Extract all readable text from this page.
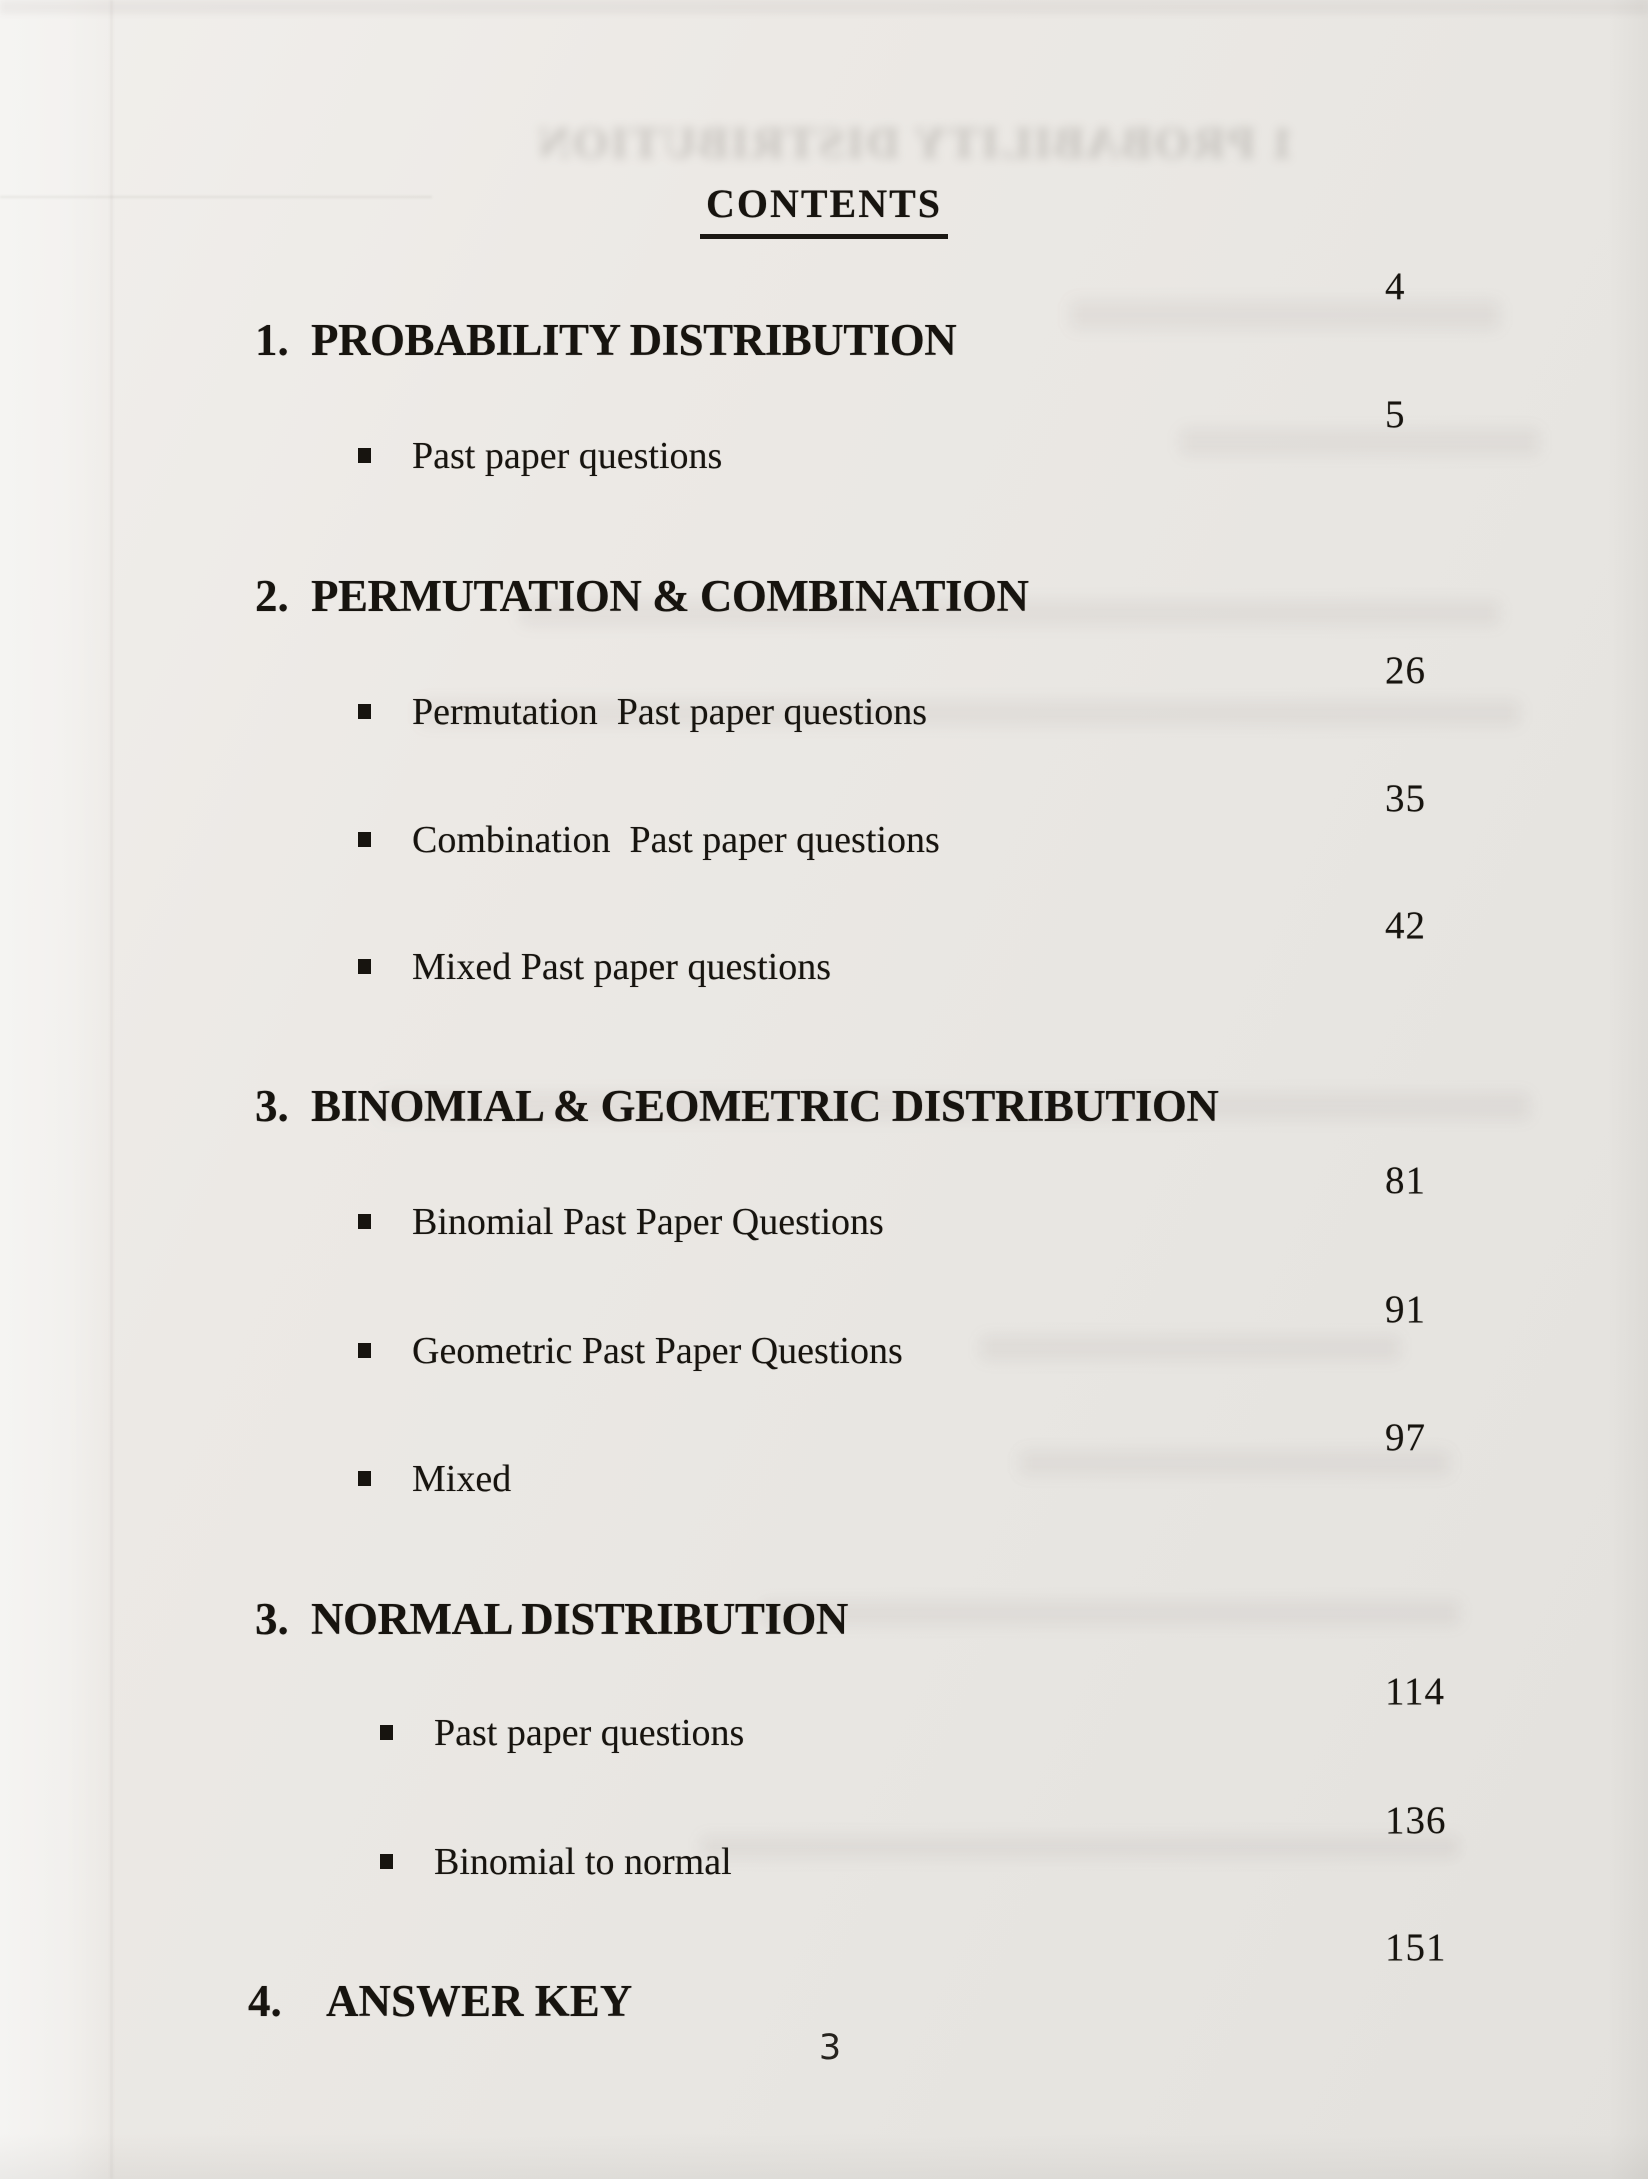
1 PROBABILITY DISTRIBUTION
CONTENTS

1. PROBABILITY DISTRIBUTION

4

Past paper questions

5

2. PERMUTATION & COMBINATION

Permutation  Past paper questions

26

Combination  Past paper questions

35

Mixed Past paper questions

42

3. BINOMIAL & GEOMETRIC DISTRIBUTION

Binomial Past Paper Questions

81

Geometric Past Paper Questions

91

Mixed

97

3. NORMAL DISTRIBUTION

Past paper questions

114

Binomial to normal

136

4. ANSWER KEY

151

3
